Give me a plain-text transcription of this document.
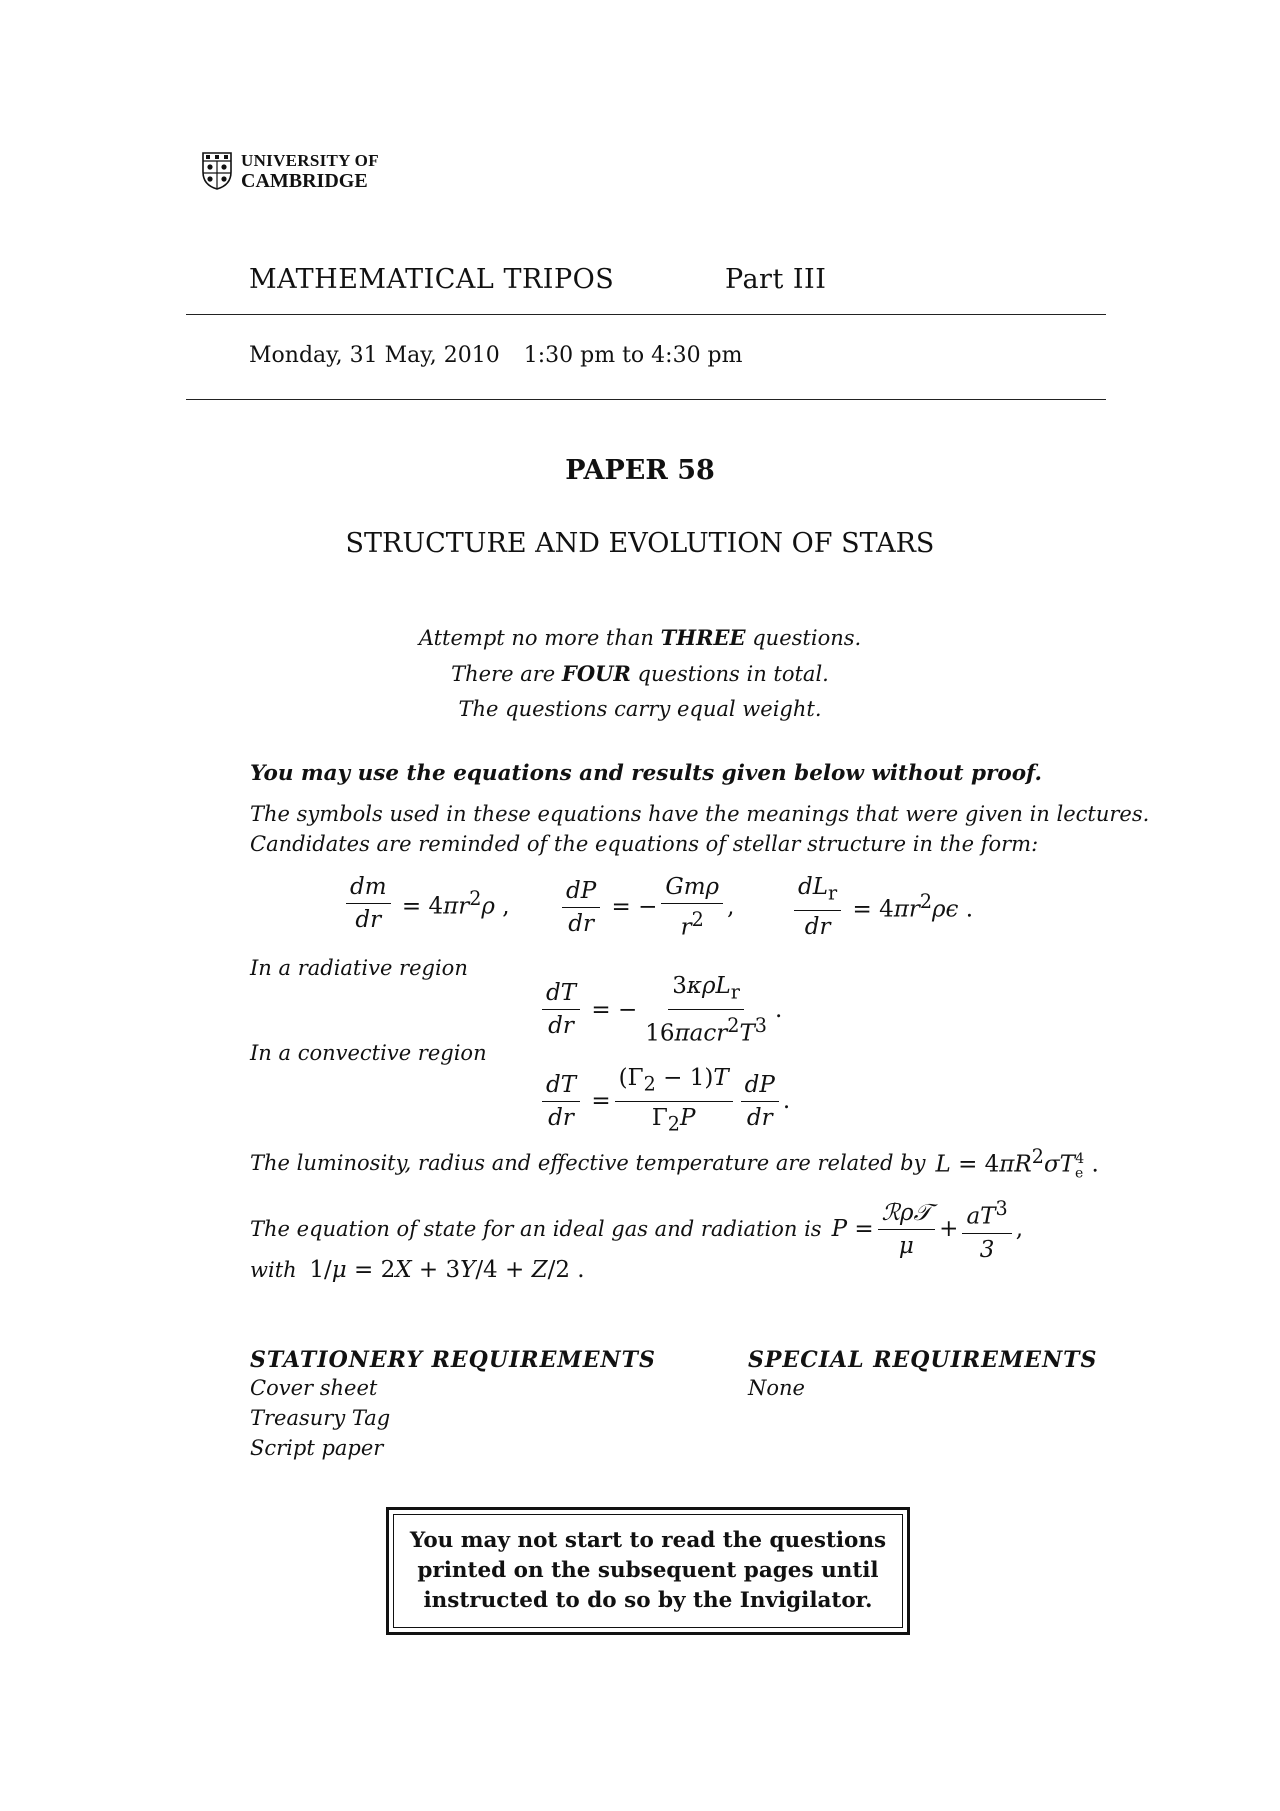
UNIVERSITY OF
CAMBRIDGE
MATHEMATICAL TRIPOS	Part III
Monday, 31 May, 2010 1:30 pm to 4:30 pm
PAPER 58
STRUCTURE AND EVOLUTION OF STARS
Attempt no more than THREE questions.
There are FOUR questions in total.
The questions carry equal weight.
You may use the equations and results given below without proof.
The symbols used in these equations have the meanings that were given in lectures.
Candidates are reminded of the equations of stellar structure in the form:
$\frac{dm}{dr} = 4\pi r^2\rho$ , $\frac{dP}{dr}$ = − $\frac{\text{Gmρ}}{r^2}$ ,	$\frac{dL_r}{dr} = 4\pi r^2\rho\epsilon$ .
In a radiative region
$\frac{dT}{dr}$ = − $\frac{3\kappa\rho L_r}{16\pi acr^2T^3}$ .
In a convective region
$\frac{dT}{dr} = \frac{(\Gamma_2 - 1)T}{\Gamma_2P} \frac{dP}{dr}$ .
The luminosity, radius and effective temperature are related by $L = 4\pi R^2\sigma T_e^4$ .
The equation of state for an ideal gas and radiation is $P = \frac{\text{ℛρ𝒯}}{\mu} + \frac{aT^3}{3}$ ,
with 1/μ = 2X + 3Y/4 + Z/2 .
STATIONERY REQUIREMENTS
Cover sheet
Treasury Tag
Script paper
SPECIAL REQUIREMENTS
None
You may not start to read the questions
printed on the subsequent pages until
instructed to do so by the Invigilator.
